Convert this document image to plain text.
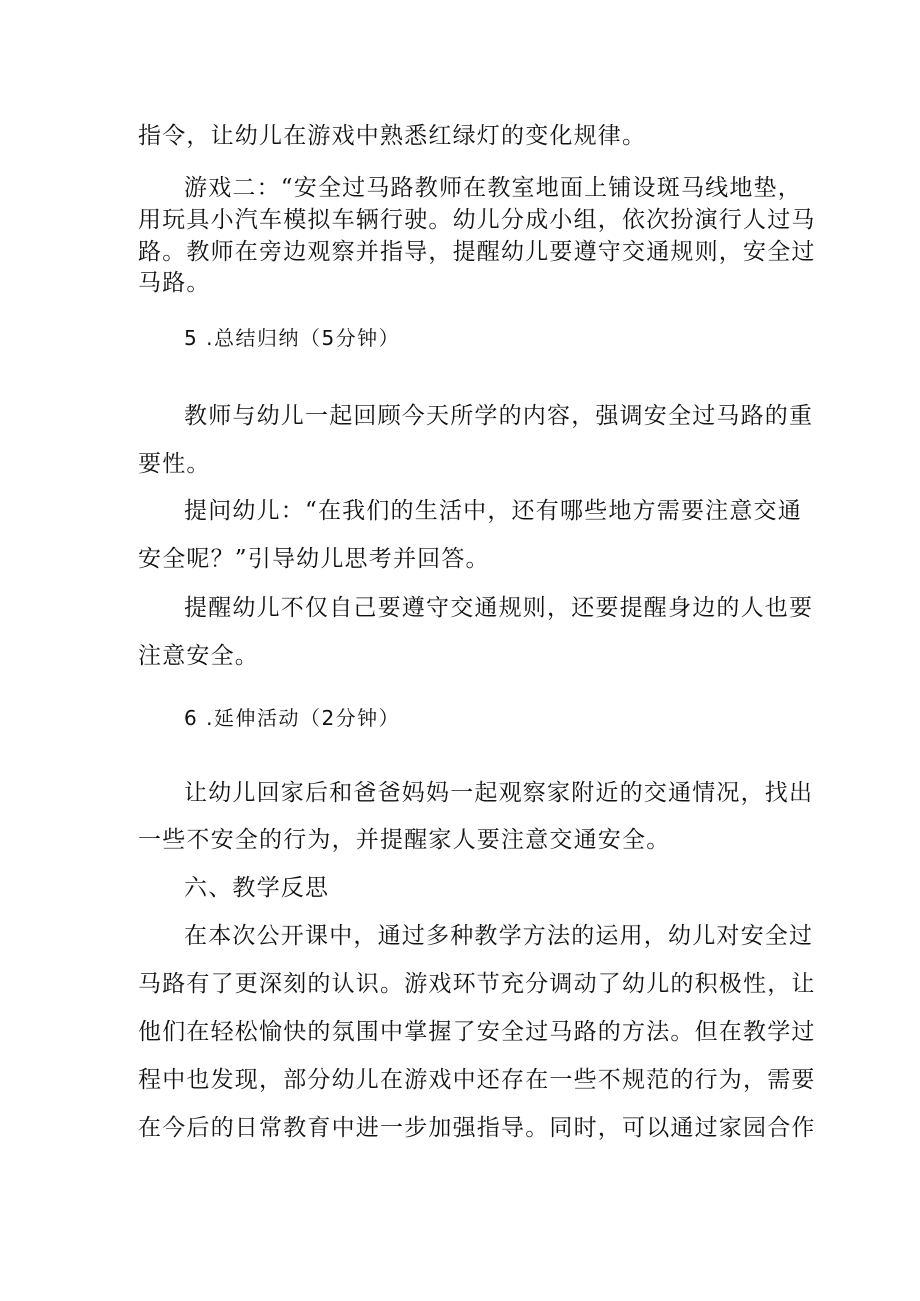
指令，让幼儿在游戏中熟悉红绿灯的变化规律。
游戏二：“安全过马路教师在教室地面上铺设斑马线地垫，
用玩具小汽车模拟车辆行驶。幼儿分成小组，依次扮演行人过马
路。教师在旁边观察并指导，提醒幼儿要遵守交通规则，安全过
马路。
5 .总结归纳（5分钟）
教师与幼儿一起回顾今天所学的内容，强调安全过马路的重
要性。
提问幼儿：“在我们的生活中，还有哪些地方需要注意交通
安全呢？”引导幼儿思考并回答。
提醒幼儿不仅自己要遵守交通规则，还要提醒身边的人也要
注意安全。
6 .延伸活动（2分钟）
让幼儿回家后和爸爸妈妈一起观察家附近的交通情况，找出
一些不安全的行为，并提醒家人要注意交通安全。
六、教学反思
在本次公开课中，通过多种教学方法的运用，幼儿对安全过
马路有了更深刻的认识。游戏环节充分调动了幼儿的积极性，让
他们在轻松愉快的氛围中掌握了安全过马路的方法。但在教学过
程中也发现，部分幼儿在游戏中还存在一些不规范的行为，需要
在今后的日常教育中进一步加强指导。同时，可以通过家园合作
